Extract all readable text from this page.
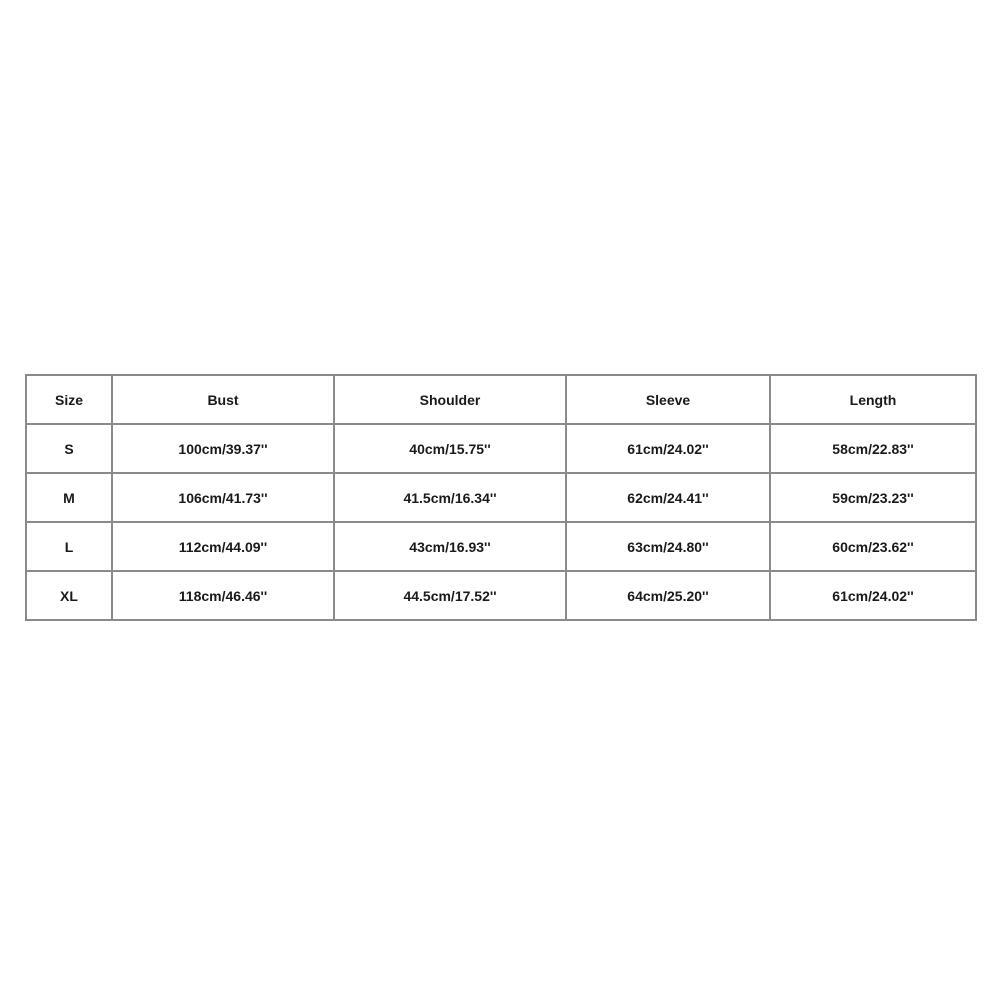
Size	Bust	Shoulder	Sleeve	Length
S	100cm/39.37''	40cm/15.75''	61cm/24.02''	58cm/22.83''
M	106cm/41.73''	41.5cm/16.34''	62cm/24.41''	59cm/23.23''
L	112cm/44.09''	43cm/16.93''	63cm/24.80''	60cm/23.62''
XL	118cm/46.46''	44.5cm/17.52''	64cm/25.20''	61cm/24.02''
